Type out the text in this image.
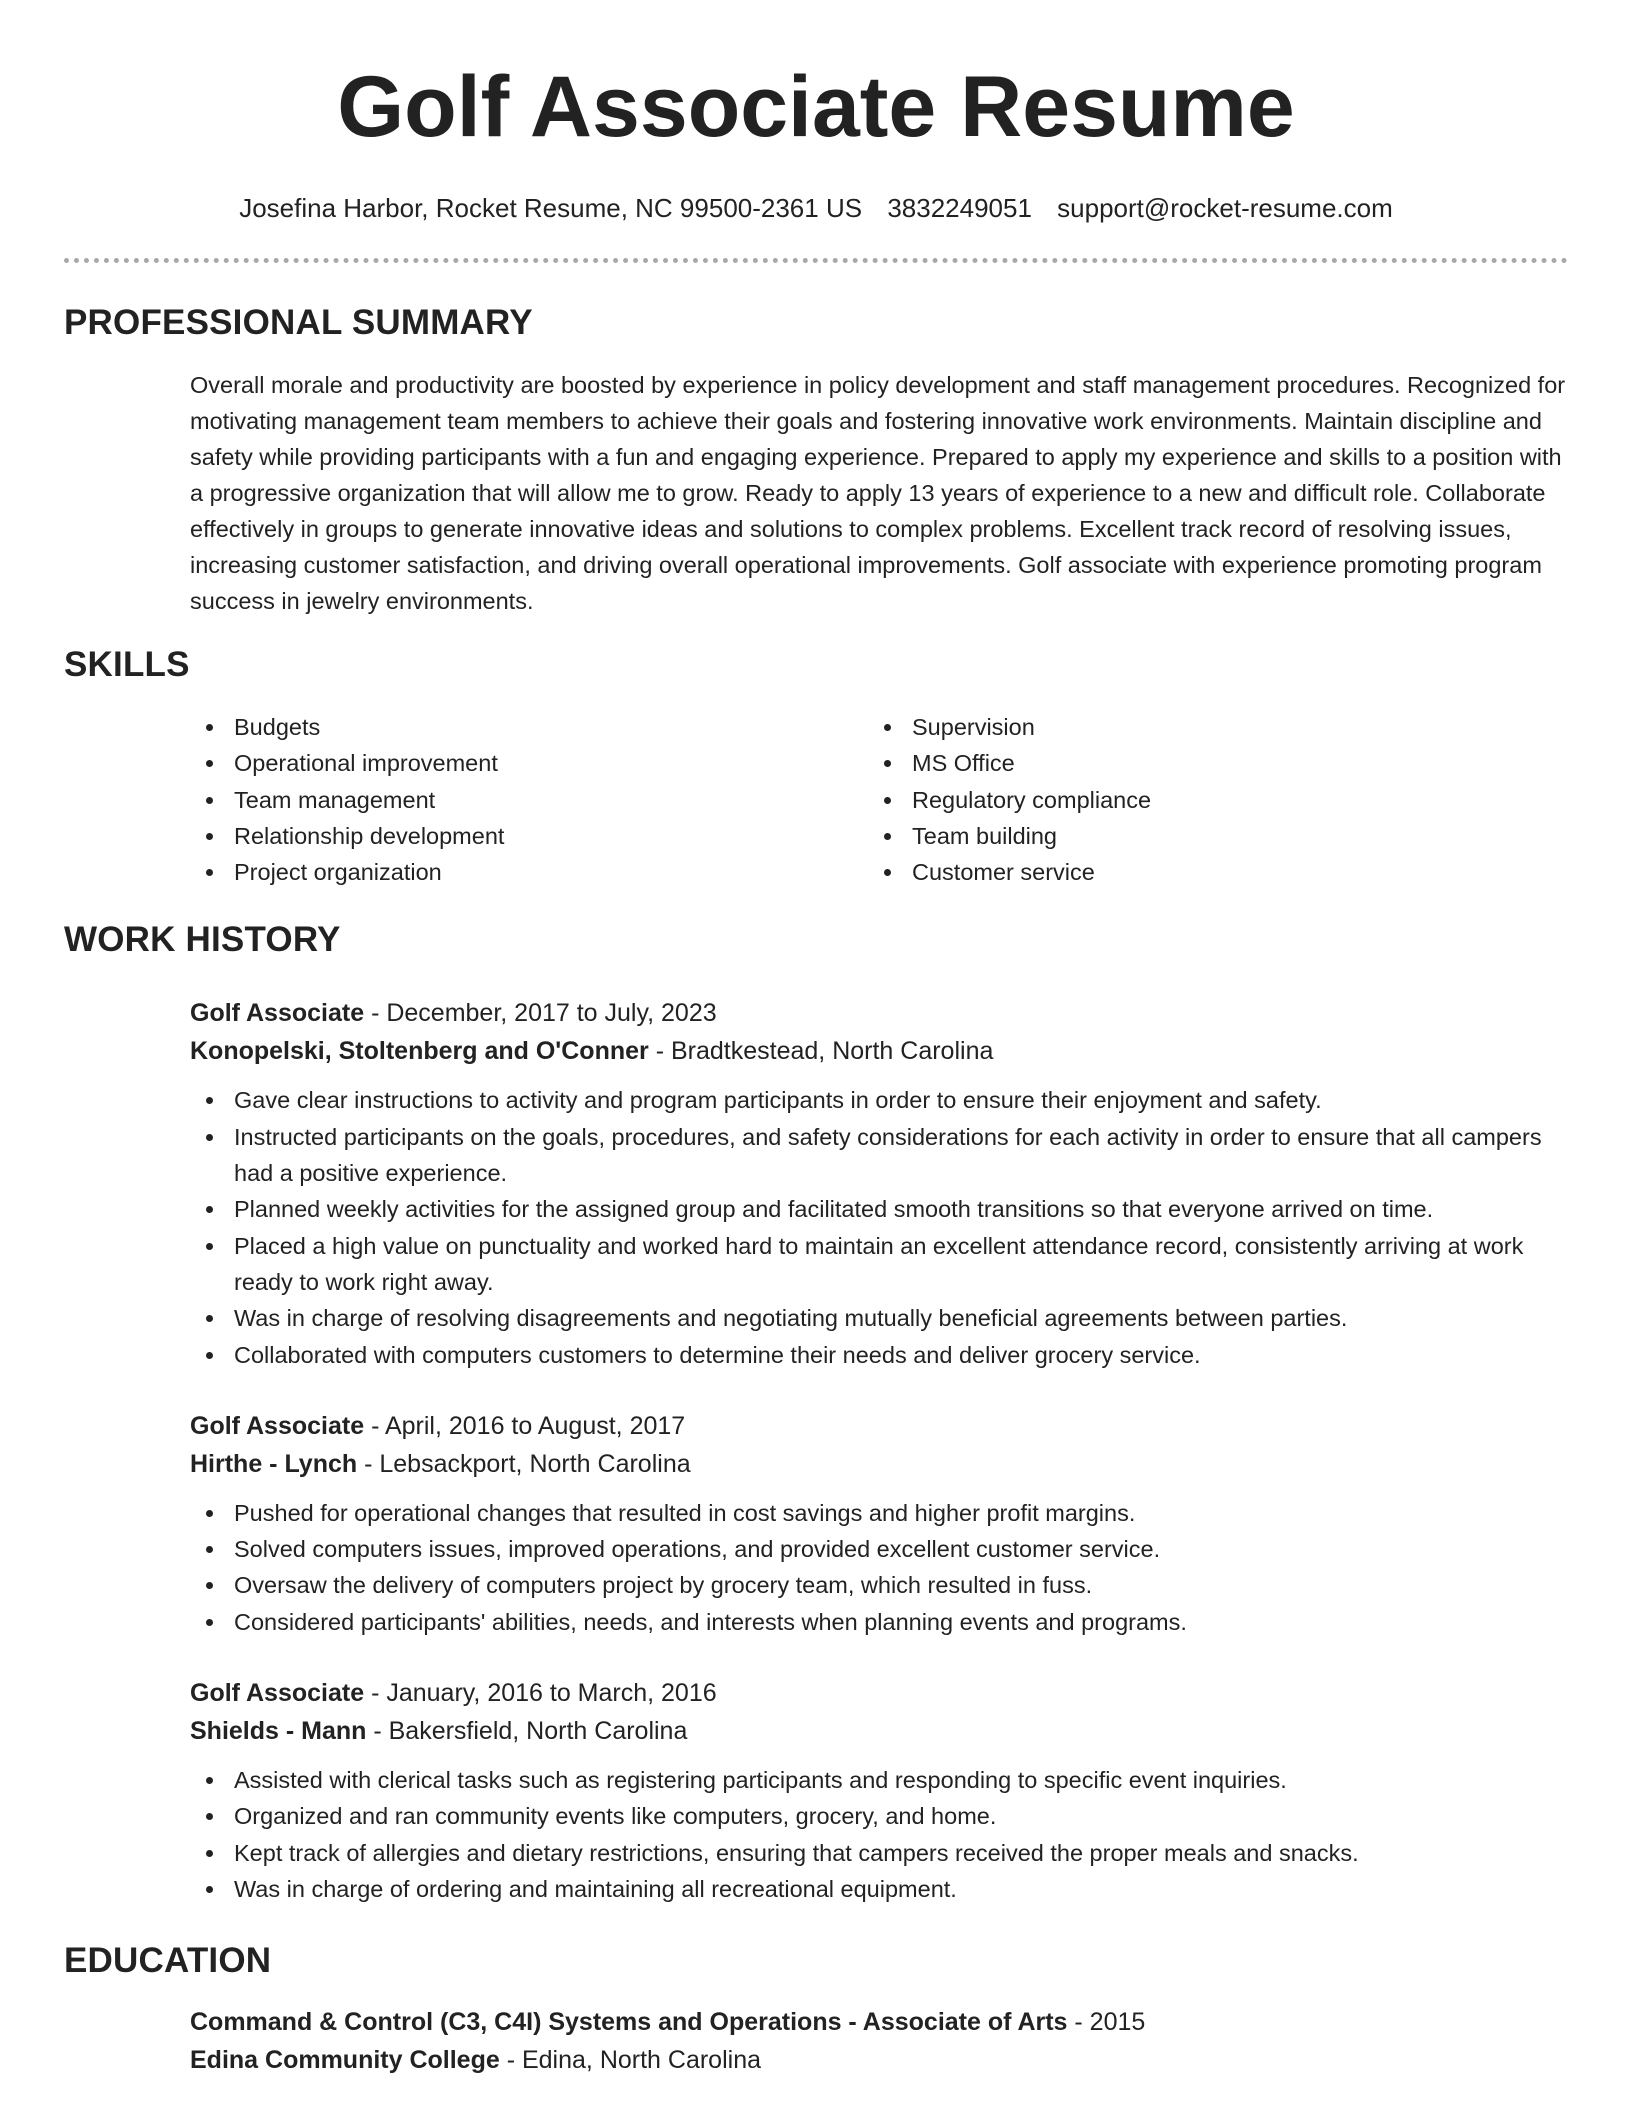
Golf Associate Resume
Josefina Harbor, Rocket Resume, NC 99500-2361 US 3832249051 support@rocket-resume.com
PROFESSIONAL SUMMARY
Overall morale and productivity are boosted by experience in policy development and staff management procedures. Recognized for motivating management team members to achieve their goals and fostering innovative work environments. Maintain discipline and safety while providing participants with a fun and engaging experience. Prepared to apply my experience and skills to a position with a progressive organization that will allow me to grow. Ready to apply 13 years of experience to a new and difficult role. Collaborate effectively in groups to generate innovative ideas and solutions to complex problems. Excellent track record of resolving issues, increasing customer satisfaction, and driving overall operational improvements. Golf associate with experience promoting program success in jewelry environments.
SKILLS
Budgets
Operational improvement
Team management
Relationship development
Project organization
Supervision
MS Office
Regulatory compliance
Team building
Customer service
WORK HISTORY
Golf Associate - December, 2017 to July, 2023
Konopelski, Stoltenberg and O'Conner - Bradtkestead, North Carolina
Gave clear instructions to activity and program participants in order to ensure their enjoyment and safety.
Instructed participants on the goals, procedures, and safety considerations for each activity in order to ensure that all campers had a positive experience.
Planned weekly activities for the assigned group and facilitated smooth transitions so that everyone arrived on time.
Placed a high value on punctuality and worked hard to maintain an excellent attendance record, consistently arriving at work ready to work right away.
Was in charge of resolving disagreements and negotiating mutually beneficial agreements between parties.
Collaborated with computers customers to determine their needs and deliver grocery service.
Golf Associate - April, 2016 to August, 2017
Hirthe - Lynch - Lebsackport, North Carolina
Pushed for operational changes that resulted in cost savings and higher profit margins.
Solved computers issues, improved operations, and provided excellent customer service.
Oversaw the delivery of computers project by grocery team, which resulted in fuss.
Considered participants' abilities, needs, and interests when planning events and programs.
Golf Associate - January, 2016 to March, 2016
Shields - Mann - Bakersfield, North Carolina
Assisted with clerical tasks such as registering participants and responding to specific event inquiries.
Organized and ran community events like computers, grocery, and home.
Kept track of allergies and dietary restrictions, ensuring that campers received the proper meals and snacks.
Was in charge of ordering and maintaining all recreational equipment.
EDUCATION
Command & Control (C3, C4I) Systems and Operations - Associate of Arts - 2015
Edina Community College - Edina, North Carolina
